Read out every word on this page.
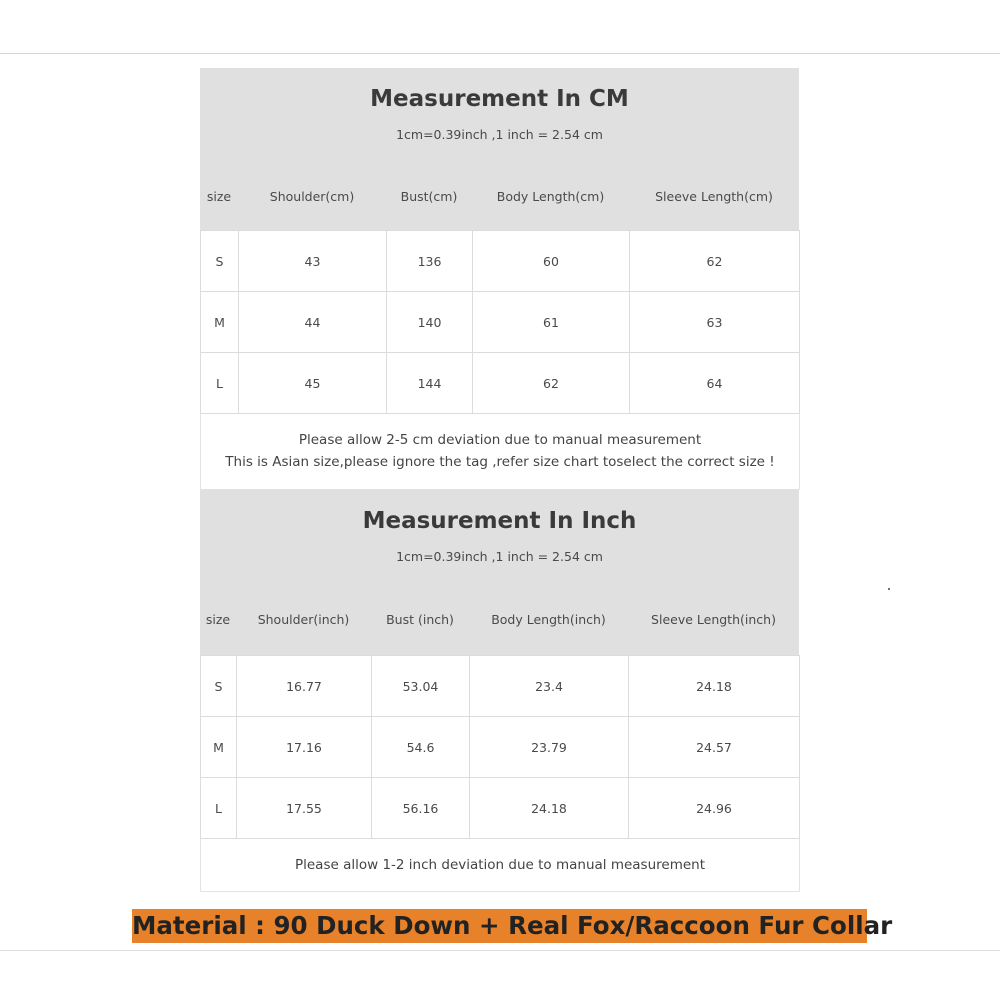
Measurement In CM
1cm=0.39inch ,1 inch = 2.54 cm
size	Shoulder(cm)	Bust(cm)	Body Length(cm)	Sleeve Length(cm)
S	43	136	60	62
M	44	140	61	63
L	45	144	62	64
Please allow 2-5 cm deviation due to manual measurement
This is Asian size,please ignore the tag ,refer size chart toselect the correct size !
Measurement In Inch
1cm=0.39inch ,1 inch = 2.54 cm
size	Shoulder(inch)	Bust (inch)	Body Length(inch)	Sleeve Length(inch)
S	16.77	53.04	23.4	24.18
M	17.16	54.6	23.79	24.57
L	17.55	56.16	24.18	24.96
Please allow 1-2 inch deviation due to manual measurement
Material : 90 Duck Down + Real Fox/Raccoon Fur Collar
